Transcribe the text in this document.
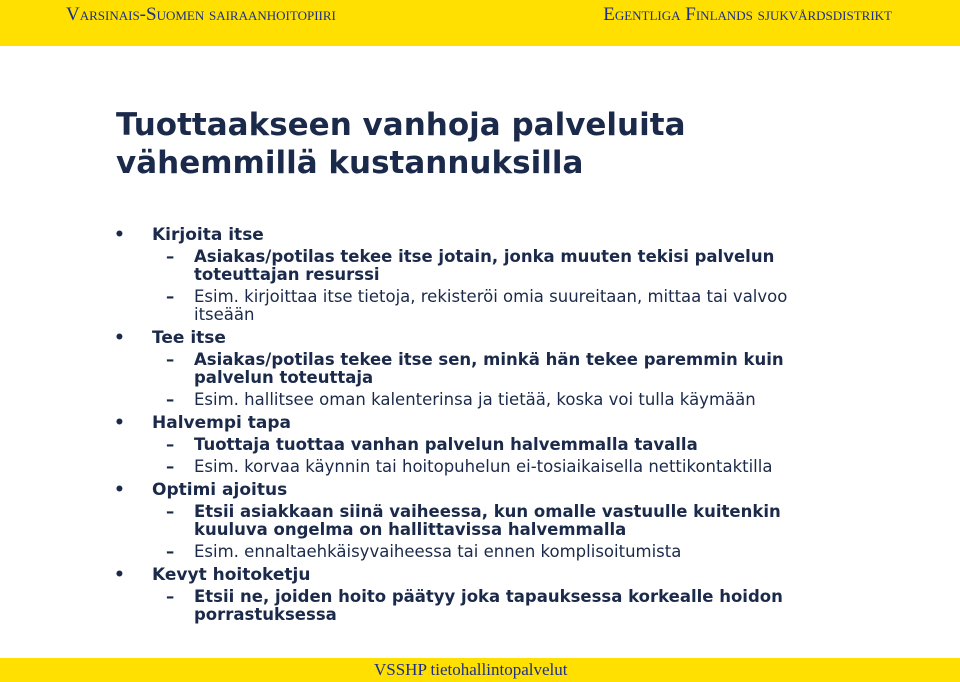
Varsinais-Suomen sairaanhoitopiiri	Egentliga Finlands sjukvårdsdistrikt
Tuottaakseen vanhoja palveluita
vähemmillä kustannuksilla
• Kirjoita itse
– Asiakas/potilas tekee itse jotain, jonka muuten tekisi palvelun
toteuttajan resurssi
– Esim. kirjoittaa itse tietoja, rekisteröi omia suureitaan, mittaa tai valvoo
itseään
• Tee itse
– Asiakas/potilas tekee itse sen, minkä hän tekee paremmin kuin
palvelun toteuttaja
– Esim. hallitsee oman kalenterinsa ja tietää, koska voi tulla käymään
• Halvempi tapa
– Tuottaja tuottaa vanhan palvelun halvemmalla tavalla
– Esim. korvaa käynnin tai hoitopuhelun ei-tosiaikaisella nettikontaktilla
• Optimi ajoitus
– Etsii asiakkaan siinä vaiheessa, kun omalle vastuulle kuitenkin
kuuluva ongelma on hallittavissa halvemmalla
– Esim. ennaltaehkäisyvaiheessa tai ennen komplisoitumista
• Kevyt hoitoketju
– Etsii ne, joiden hoito päätyy joka tapauksessa korkealle hoidon
porrastuksessa
VSSHP tietohallintopalvelut
